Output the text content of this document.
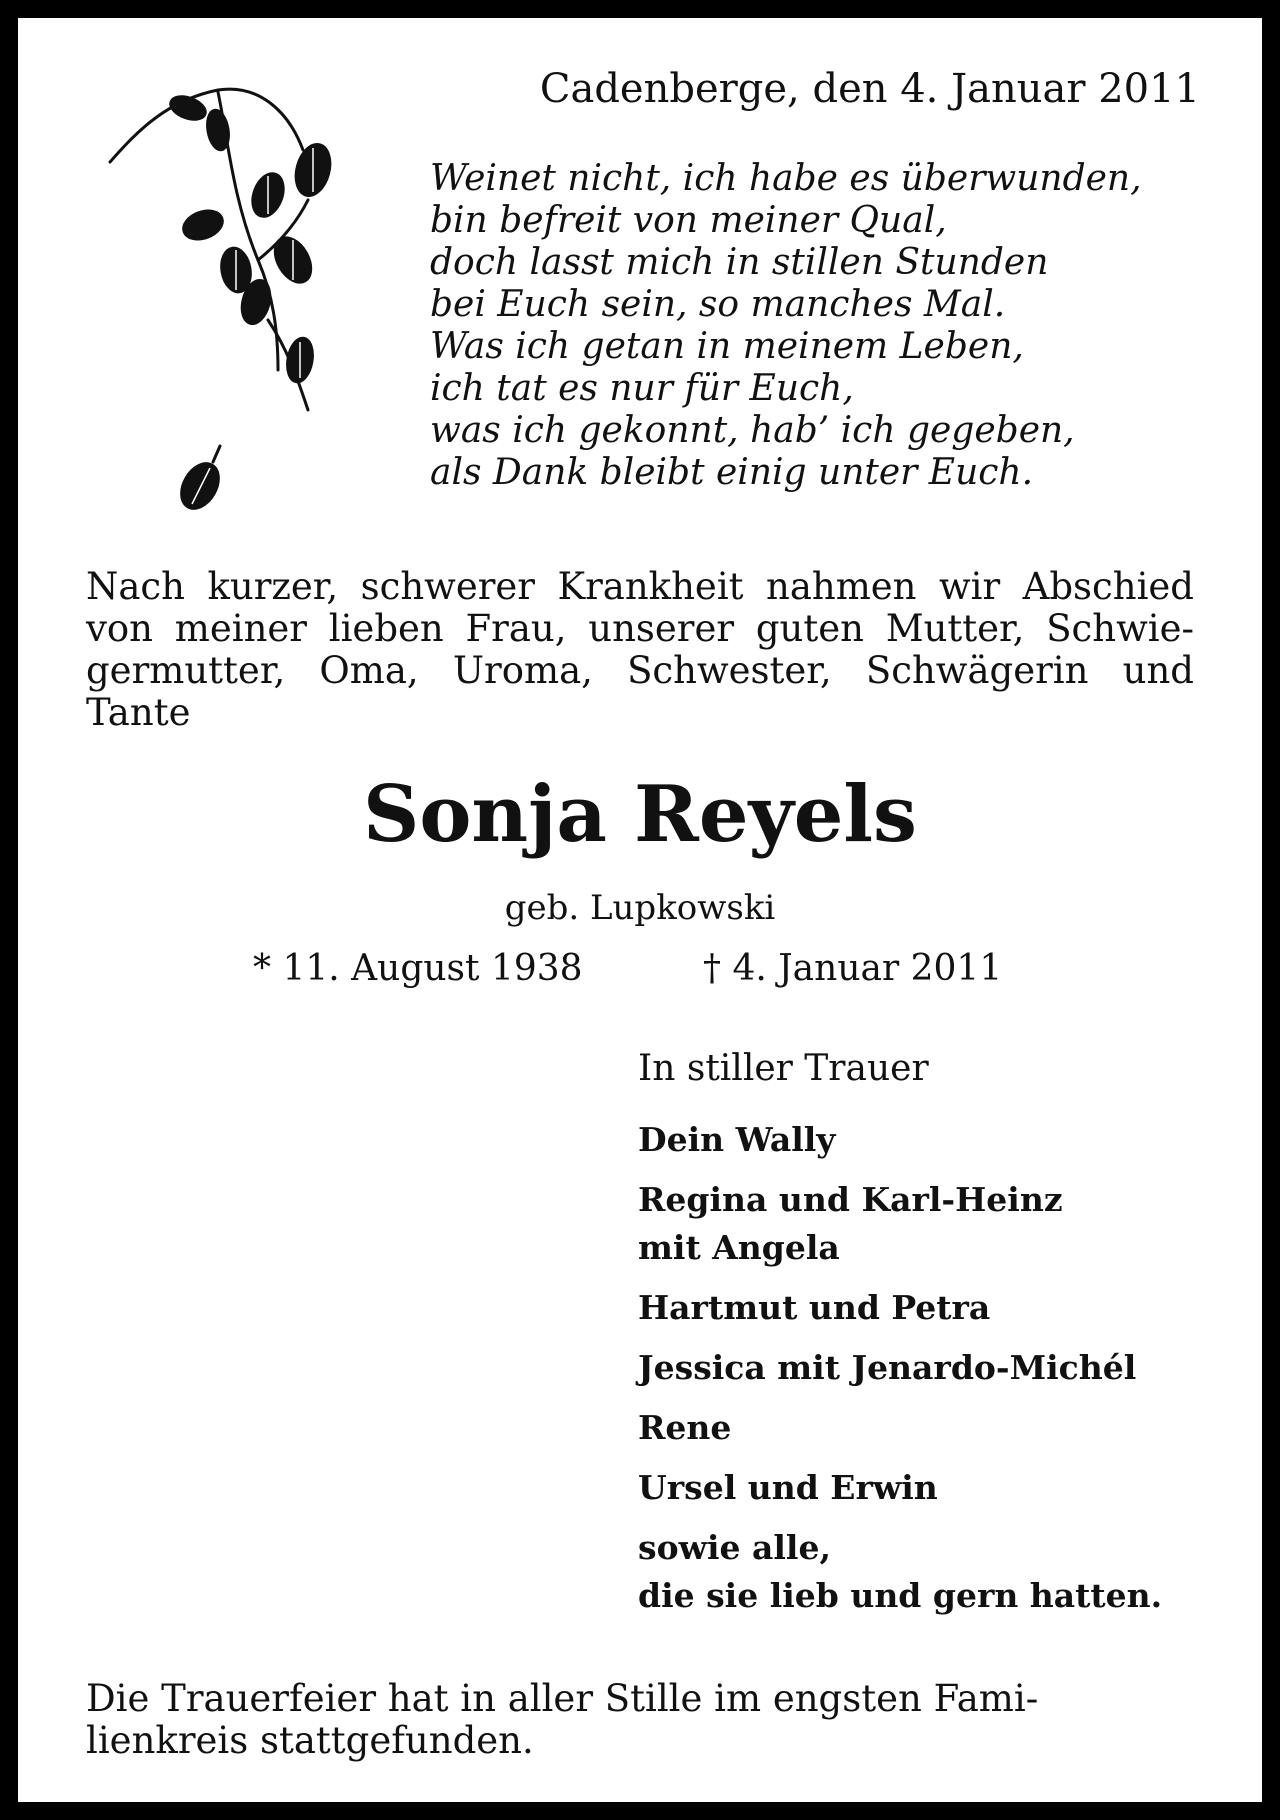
Cadenberge, den 4. Januar 2011
Weinet nicht, ich habe es überwunden,
bin befreit von meiner Qual,
doch lasst mich in stillen Stunden
bei Euch sein, so manches Mal.
Was ich getan in meinem Leben,
ich tat es nur für Euch,
was ich gekonnt, hab’ ich gegeben,
als Dank bleibt einig unter Euch.
Nach kurzer, schwerer Krankheit nahmen wir Abschied
von meiner lieben Frau, unserer guten Mutter, Schwie-
germutter, Oma, Uroma, Schwester, Schwägerin und
Tante
Sonja Reyels
geb. Lupkowski
* 11. August 1938	† 4. Januar 2011
In stiller Trauer
Dein Wally
Regina und Karl-Heinz
mit Angela
Hartmut und Petra
Jessica mit Jenardo-Michél
Rene
Ursel und Erwin
sowie alle,
die sie lieb und gern hatten.
Die Trauerfeier hat in aller Stille im engsten Fami-
lienkreis stattgefunden.
